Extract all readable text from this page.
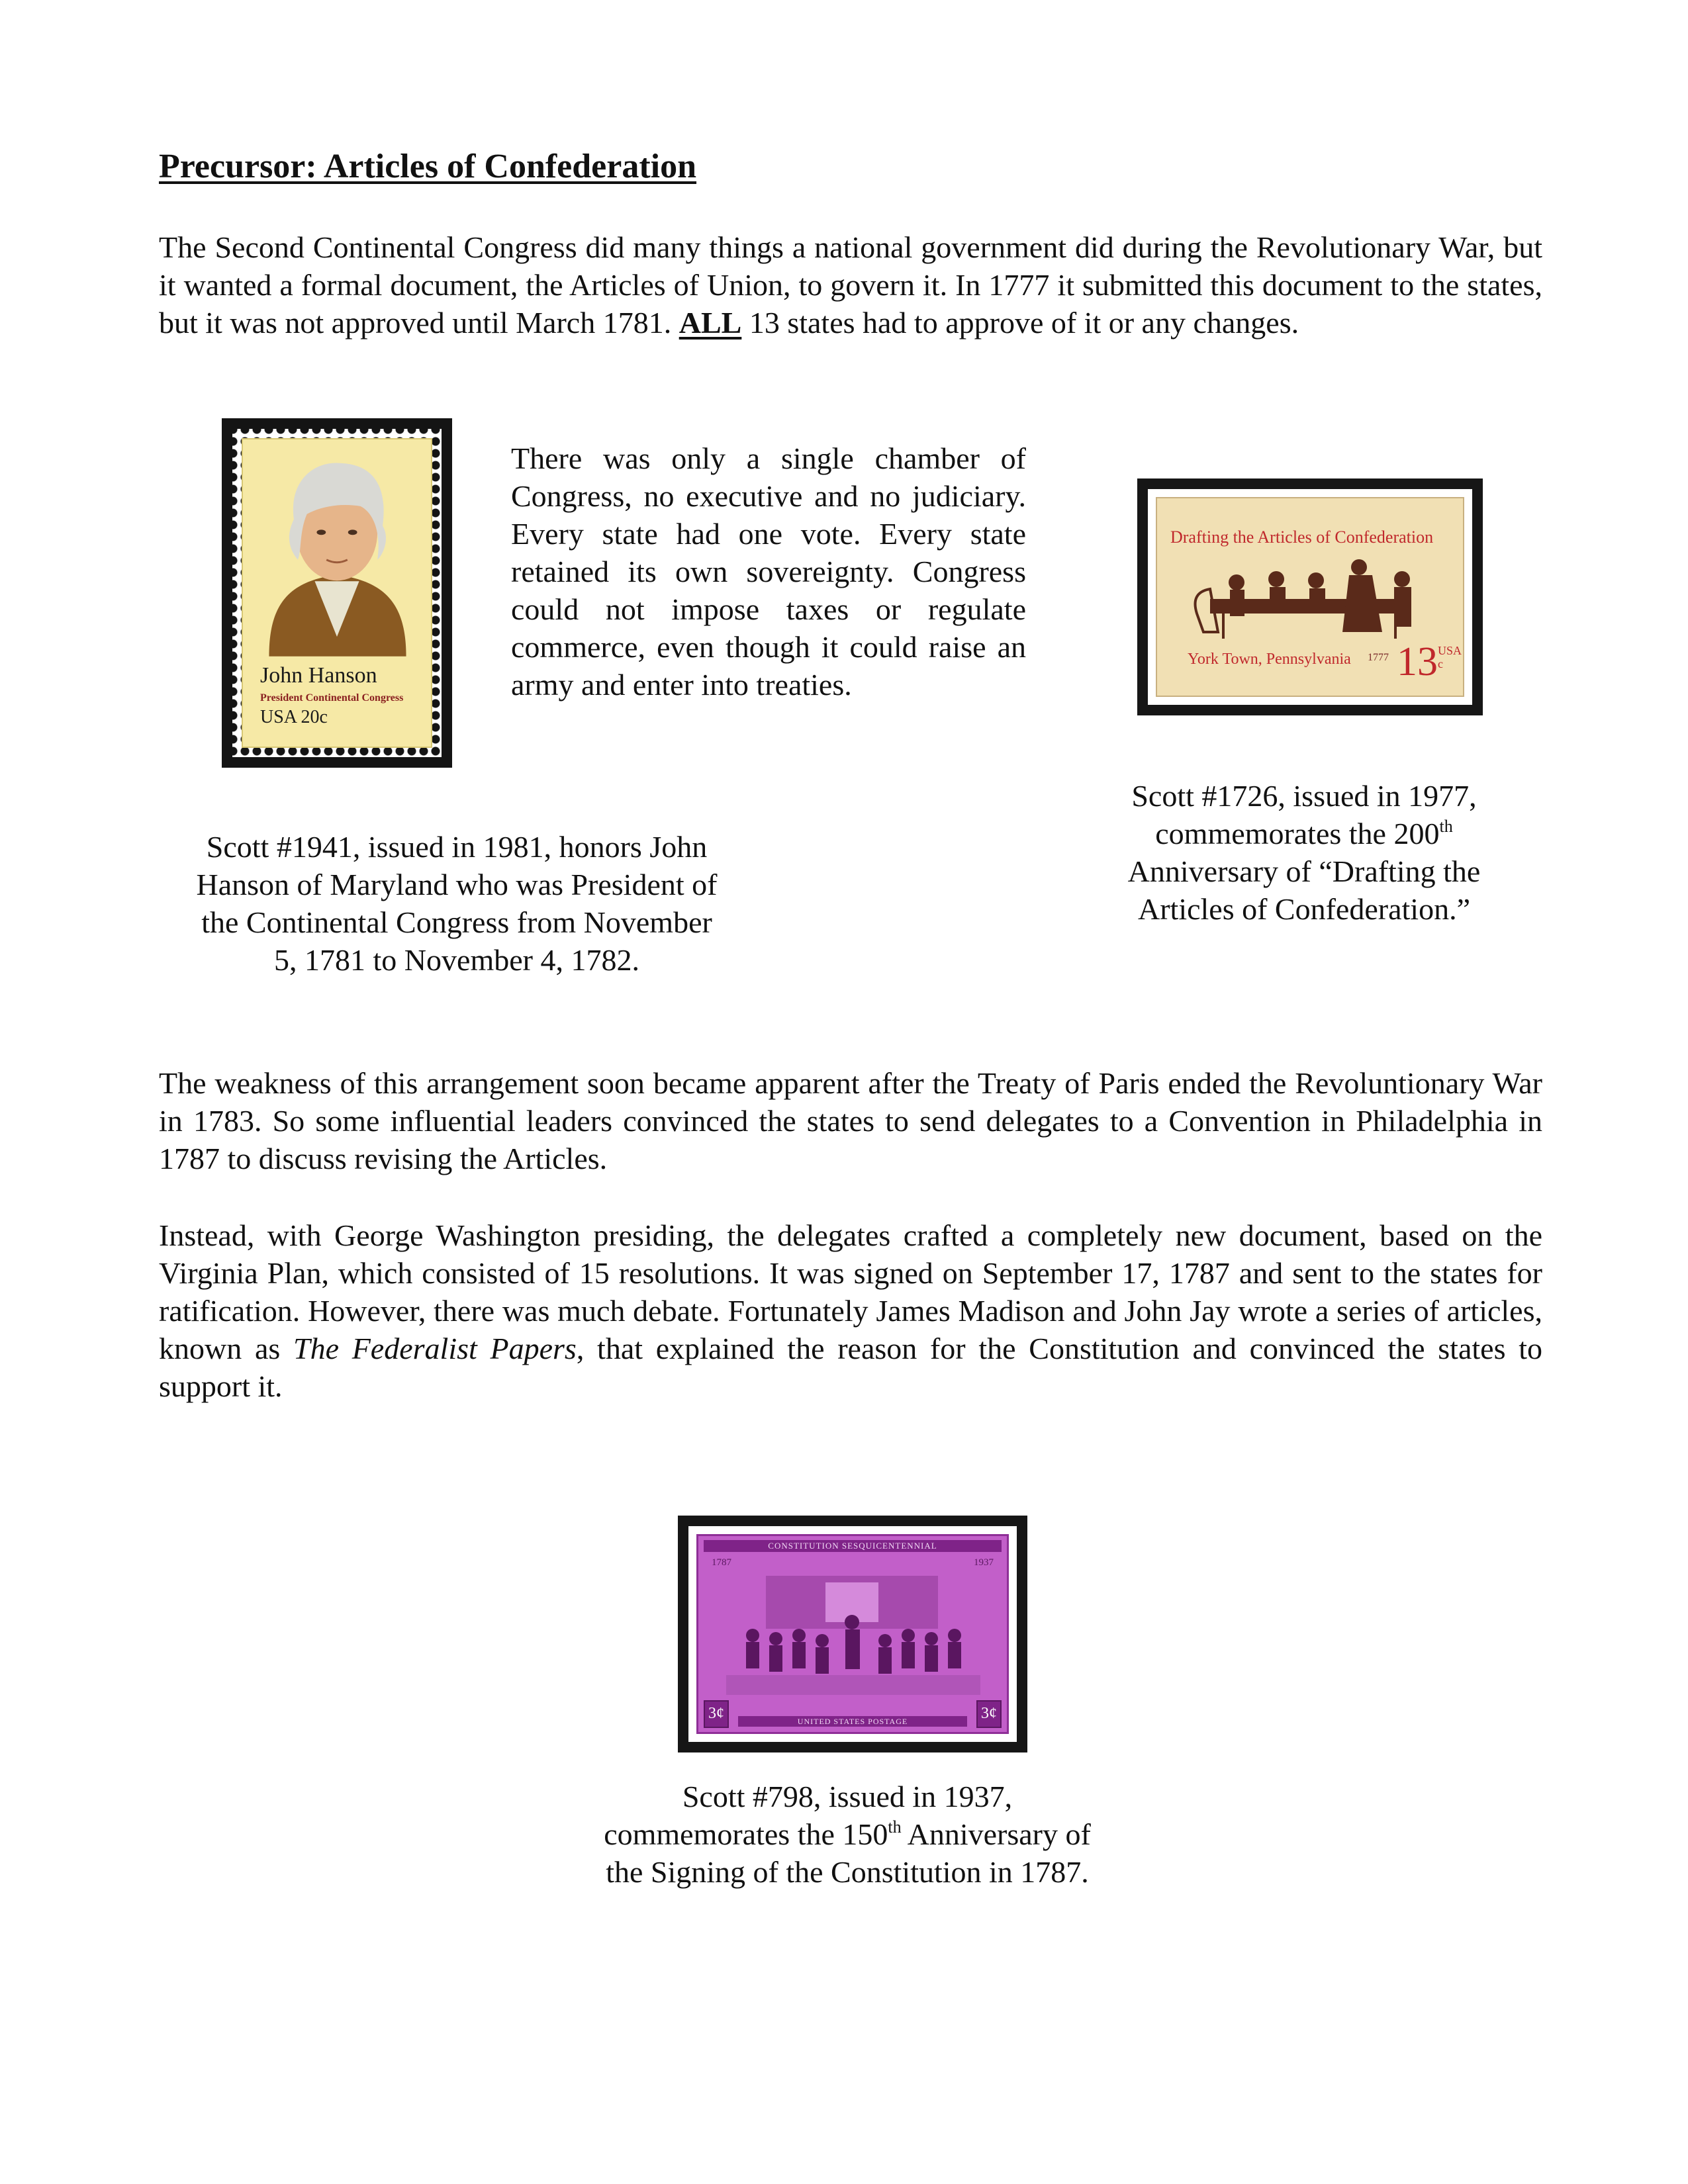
Precursor: Articles of Confederation
The Second Continental Congress did many things a national government did during the Revolutionary War, but it wanted a formal document, the Articles of Union, to govern it. In 1777 it submitted this document to the states, but it was not approved until March 1781. ALL 13 states had to approve of it or any changes.
John Hanson
President Continental Congress
USA 20c
There was only a single chamber of Congress, no executive and no judiciary. Every state had one vote. Every state retained its own sovereignty. Congress could not impose taxes or regulate commerce, even though it could raise an army and enter into treaties.
Drafting the Articles of Confederation
York Town, Pennsylvania 1777 13 USA
c
Scott #1726, issued in 1977, commemorates the 200th Anniversary of “Drafting the Articles of Confederation.”
Scott #1941, issued in 1981, honors John Hanson of Maryland who was President of the Continental Congress from November 5, 1781 to November 4, 1782.
The weakness of this arrangement soon became apparent after the Treaty of Paris ended the Revoluntionary War in 1783. So some influential leaders convinced the states to send delegates to a Convention in Philadelphia in 1787 to discuss revising the Articles.
Instead, with George Washington presiding, the delegates crafted a completely new document, based on the Virginia Plan, which consisted of 15 resolutions. It was signed on September 17, 1787 and sent to the states for ratification. However, there was much debate. Fortunately James Madison and John Jay wrote a series of articles, known as The Federalist Papers, that explained the reason for the Constitution and convinced the states to support it.
CONSTITUTION SESQUICENTENNIAL
1787	1937
3¢	UNITED STATES POSTAGE	3¢
Scott #798, issued in 1937, commemorates the 150th Anniversary of the Signing of the Constitution in 1787.
